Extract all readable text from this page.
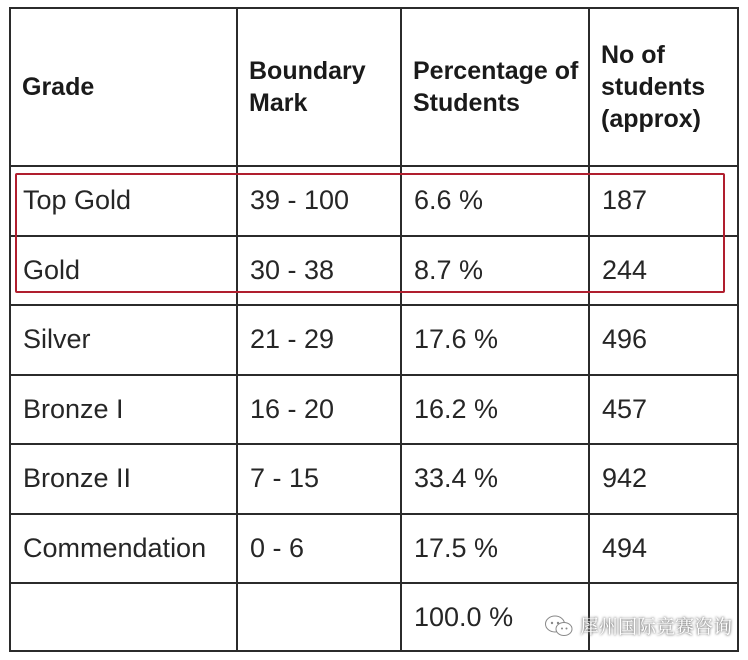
Grade	Boundary Mark	Percentage of Students	No of students (approx)
Top Gold	39 - 100	6.6 %	187
Gold	30 - 38	8.7 %	244
Silver	21 - 29	17.6 %	496
Bronze I	16 - 20	16.2 %	457
Bronze II	7 - 15	33.4 %	942
Commendation	0 - 6	17.5 %	494
		100.0 %		犀州国际竞赛咨询
